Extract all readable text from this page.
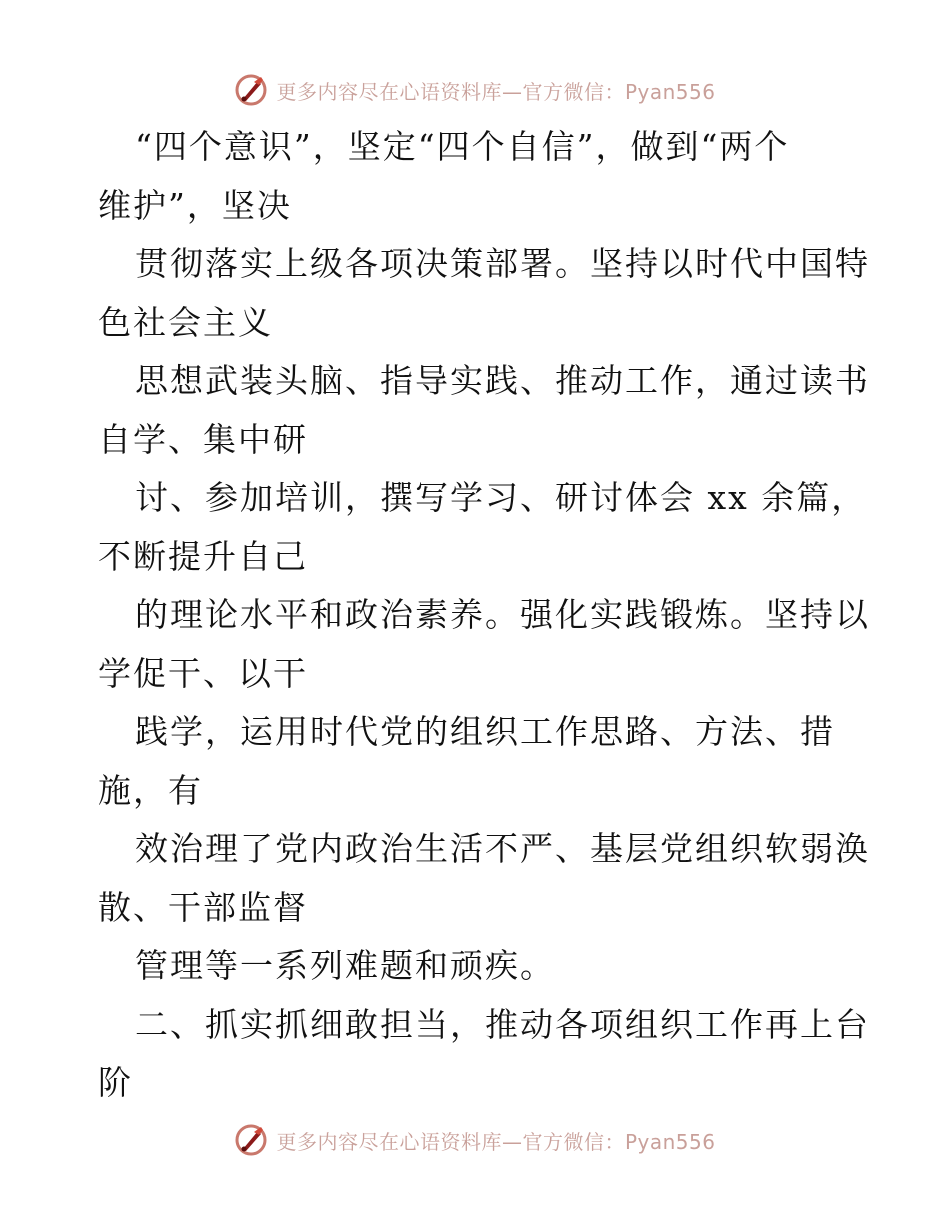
更多内容尽在心语资料库—官方微信：Pyan556
“四个意识”，坚定“四个自信”，做到“两个
维护”，坚决
贯彻落实上级各项决策部署。坚持以时代中国特
色社会主义
思想武装头脑、指导实践、推动工作，通过读书
自学、集中研
讨、参加培训，撰写学习、研讨体会 xx 余篇，
不断提升自己
的理论水平和政治素养。强化实践锻炼。坚持以
学促干、以干
践学，运用时代党的组织工作思路、方法、措
施，有
效治理了党内政治生活不严、基层党组织软弱涣
散、干部监督
管理等一系列难题和顽疾。
二、抓实抓细敢担当，推动各项组织工作再上台
阶
更多内容尽在心语资料库—官方微信：Pyan556
